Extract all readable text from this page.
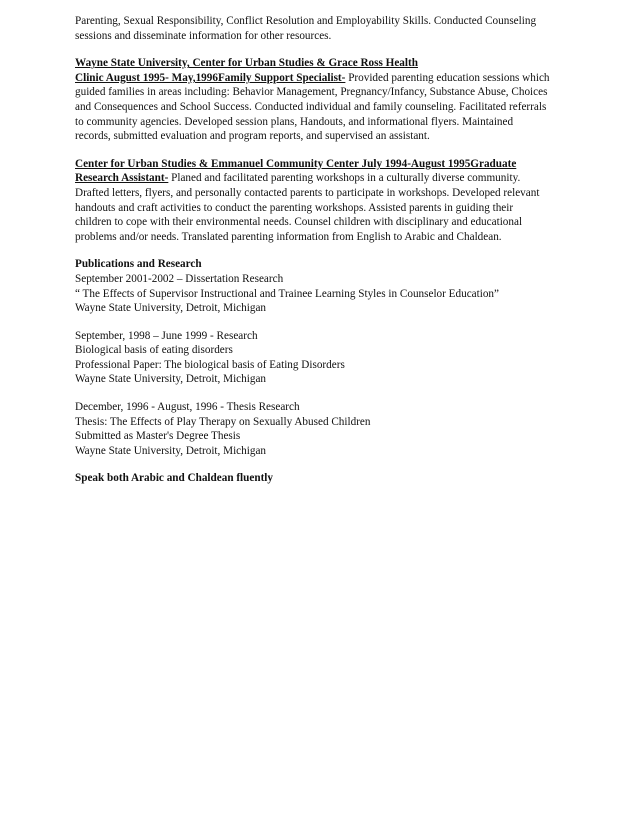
Parenting, Sexual Responsibility, Conflict Resolution and Employability Skills. Conducted Counseling
sessions and disseminate information for other resources.
Wayne State University, Center for Urban Studies & Grace Ross Health
Clinic August 1995- May,1996Family Support Specialist- Provided parenting education sessions which
guided families in areas including: Behavior Management, Pregnancy/Infancy, Substance Abuse, Choices
and Consequences and School Success. Conducted individual and family counseling. Facilitated referrals
to community agencies. Developed session plans, Handouts, and informational flyers. Maintained
records, submitted evaluation and program reports, and supervised an assistant.
Center for Urban Studies & Emmanuel Community Center July 1994-August 1995Graduate
Research Assistant- Planed and facilitated parenting workshops in a culturally diverse community.
Drafted letters, flyers, and personally contacted parents to participate in workshops. Developed relevant
handouts and craft activities to conduct the parenting workshops. Assisted parents in guiding their
children to cope with their environmental needs. Counsel children with disciplinary and educational
problems and/or needs. Translated parenting information from English to Arabic and Chaldean.
Publications and Research
September 2001-2002 – Dissertation Research
“ The Effects of Supervisor Instructional and Trainee Learning Styles in Counselor Education”
Wayne State University, Detroit, Michigan
September, 1998 – June 1999 - Research
Biological basis of eating disorders
Professional Paper: The biological basis of Eating Disorders
Wayne State University, Detroit, Michigan
December, 1996 - August, 1996 - Thesis Research
Thesis: The Effects of Play Therapy on Sexually Abused Children
Submitted as Master's Degree Thesis
Wayne State University, Detroit, Michigan
Speak both Arabic and Chaldean fluently
